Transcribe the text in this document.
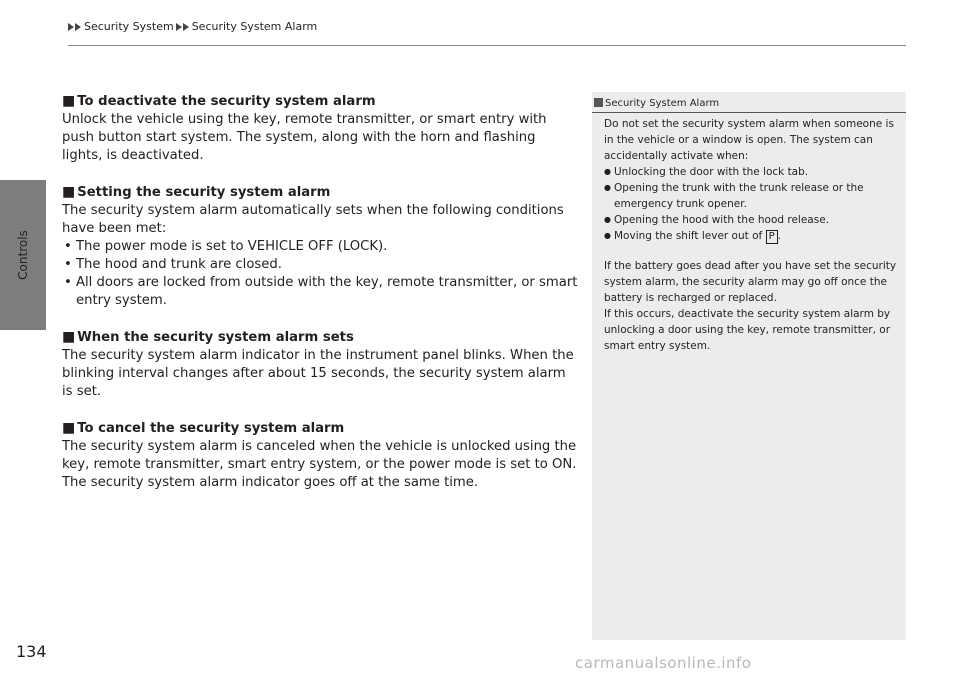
Security System Security System Alarm
Controls
■ To deactivate the security system alarm

Unlock the vehicle using the key, remote transmitter, or smart entry with push button start system. The system, along with the horn and flashing lights, is deactivated.

■ Setting the security system alarm

The security system alarm automatically sets when the following conditions have been met:

• The power mode is set to VEHICLE OFF (LOCK).
• The hood and trunk are closed.
• All doors are locked from outside with the key, remote transmitter, or smart entry system.
■ When the security system alarm sets

The security system alarm indicator in the instrument panel blinks. When the blinking interval changes after about 15 seconds, the security system alarm is set.

■ To cancel the security system alarm

The security system alarm is canceled when the vehicle is unlocked using the key, remote transmitter, smart entry system, or the power mode is set to ON. The security system alarm indicator goes off at the same time.

Security System Alarm

Do not set the security system alarm when someone is in the vehicle or a window is open. The system can accidentally activate when:

● Unlocking the door with the lock tab.
● Opening the trunk with the trunk release or the emergency trunk opener.
● Opening the hood with the hood release.
● Moving the shift lever out of P .

If the battery goes dead after you have set the security system alarm, the security alarm may go off once the battery is recharged or replaced.

If this occurs, deactivate the security system alarm by unlocking a door using the key, remote transmitter, or smart entry system.

134
carmanualsonline.info
